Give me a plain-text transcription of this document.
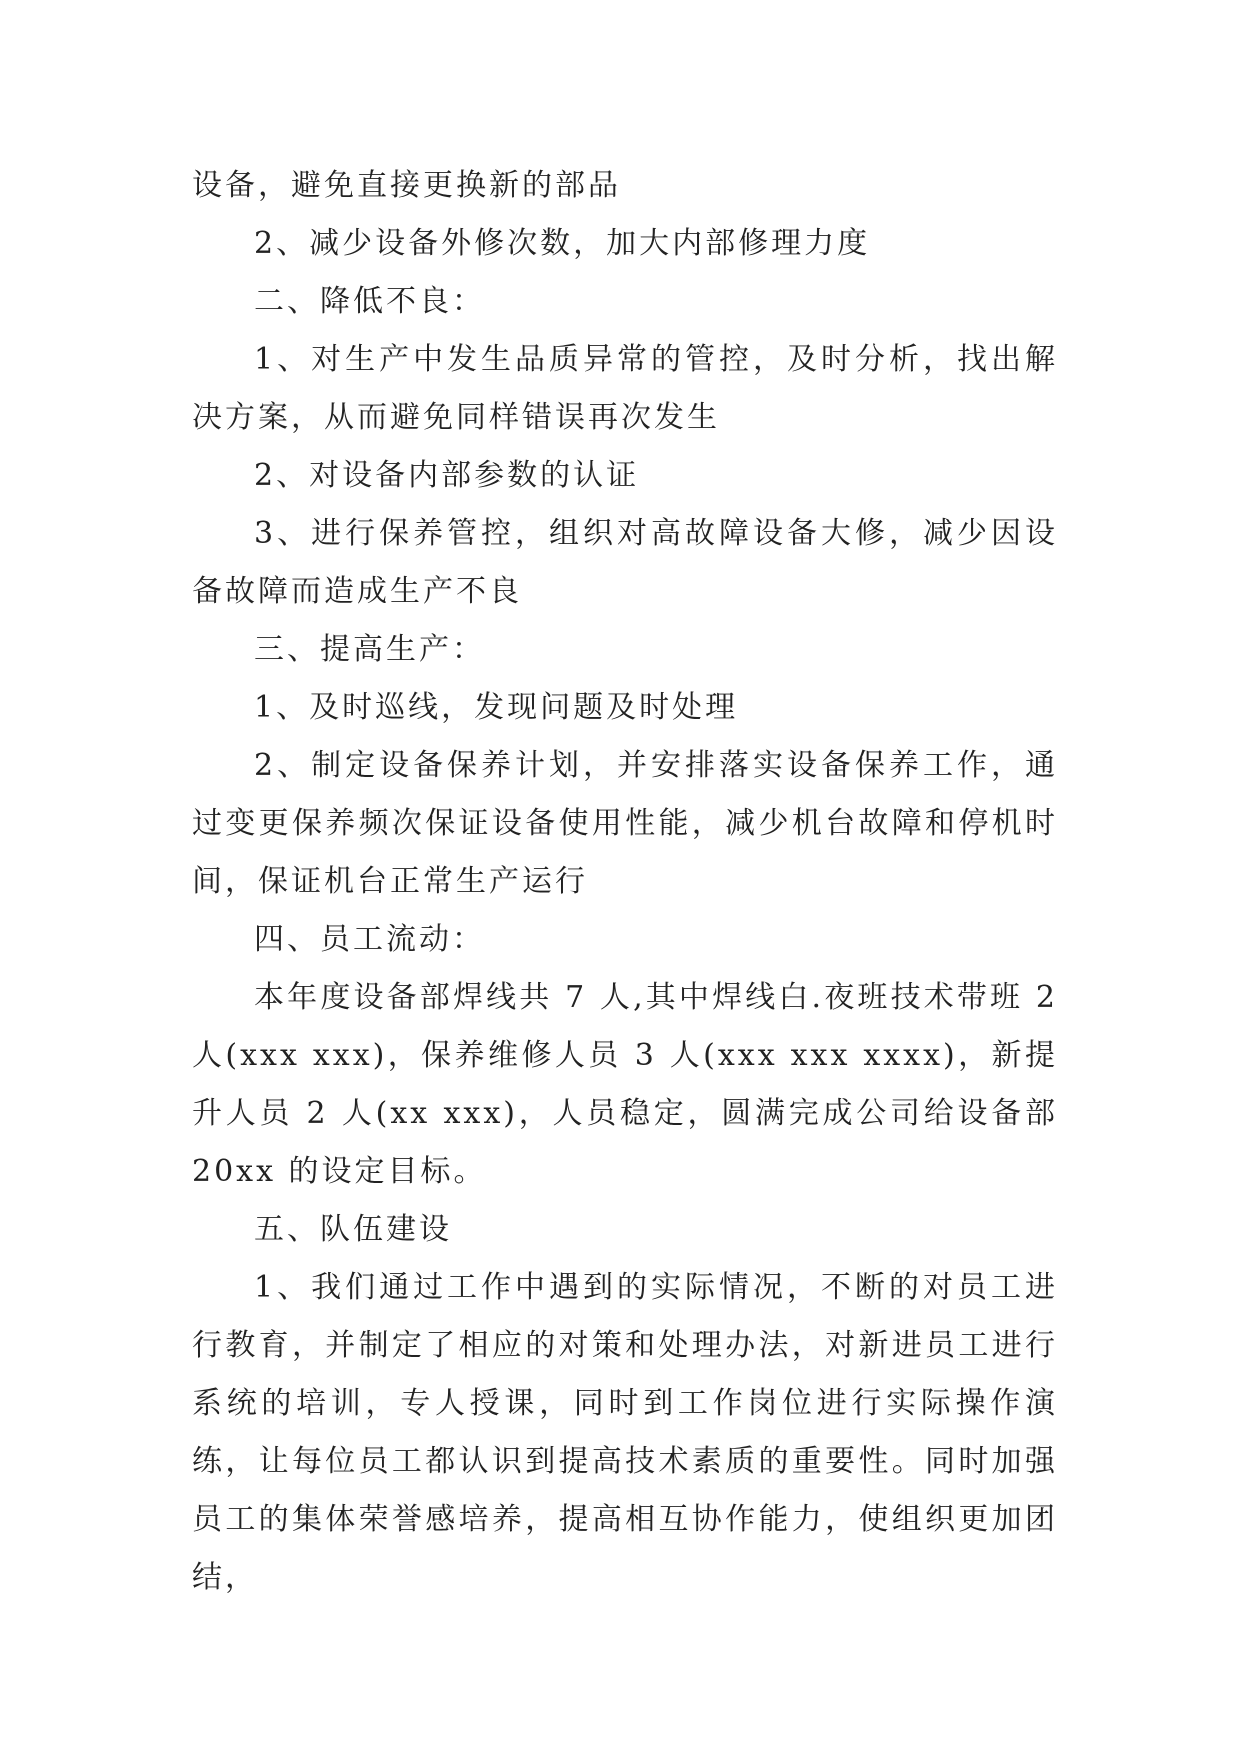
设备，避免直接更换新的部品

2、减少设备外修次数，加大内部修理力度

二、降低不良：

1、对生产中发生品质异常的管控，及时分析，找出解决方案，从而避免同样错误再次发生

2、对设备内部参数的认证

3、进行保养管控，组织对高故障设备大修，减少因设备故障而造成生产不良

三、提高生产：

1、及时巡线，发现问题及时处理

2、制定设备保养计划，并安排落实设备保养工作，通过变更保养频次保证设备使用性能，减少机台故障和停机时间，保证机台正常生产运行

四、员工流动：

本年度设备部焊线共 7 人,其中焊线白.夜班技术带班 2 人(xxx xxx)，保养维修人员 3 人(xxx xxx xxxx)，新提升人员 2 人(xx xxx)，人员稳定，圆满完成公司给设备部 20xx 的设定目标。

五、队伍建设

1、我们通过工作中遇到的实际情况，不断的对员工进行教育，并制定了相应的对策和处理办法，对新进员工进行系统的培训，专人授课，同时到工作岗位进行实际操作演练，让每位员工都认识到提高技术素质的重要性。同时加强员工的集体荣誉感培养，提高相互协作能力，使组织更加团结，
